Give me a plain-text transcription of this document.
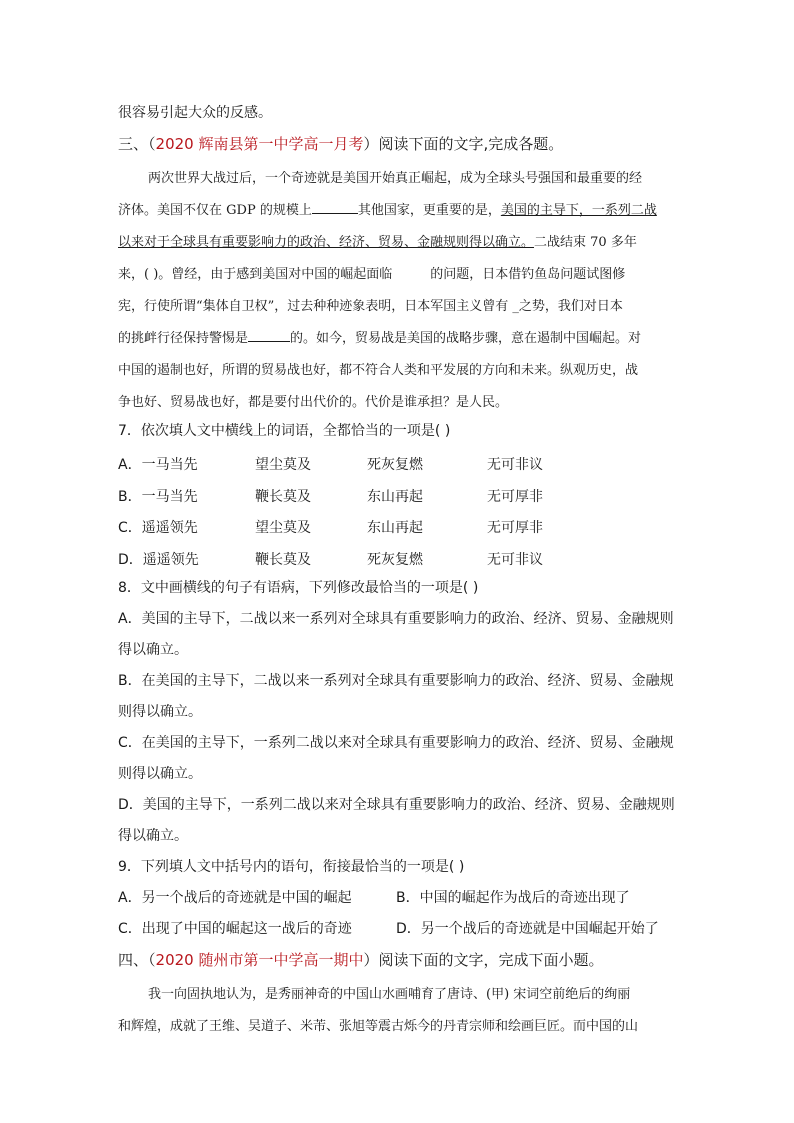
很容易引起大众的反感。
三、（2020 辉南县第一中学高一月考）阅读下面的文字,完成各题。
两次世界大战过后，一个奇迹就是美国开始真正崛起，成为全球头号强国和最重要的经
济体。美国不仅在 GDP 的规模上	其他国家，更重要的是，美国的主导下，一系列二战
以来对于全球具有重要影响力的政治、经济、贸易、金融规则得以确立。二战结束 70 多年
来，( )。曾经，由于感到美国对中国的崛起面临	的问题，日本借钓鱼岛问题试图修
宪，行使所谓“集体自卫权”，过去种种迹象表明，日本军国主义曾有 _之势，我们对日本
的挑衅行径保持警惕是	的。如今，贸易战是美国的战略步骤，意在遏制中国崛起。对
中国的遏制也好，所谓的贸易战也好，都不符合人类和平发展的方向和未来。纵观历史，战
争也好、贸易战也好，都是要付出代价的。代价是谁承担？是人民。
7．依次填人文中横线上的词语，全都恰当的一项是( )
A．一马当先	望尘莫及	死灰复燃	无可非议
B．一马当先	鞭长莫及	东山再起	无可厚非
C．遥遥领先	望尘莫及	东山再起	无可厚非
D．遥遥领先	鞭长莫及	死灰复燃	无可非议
8．文中画横线的句子有语病，下列修改最恰当的一项是( )
A．美国的主导下，二战以来一系列对全球具有重要影响力的政治、经济、贸易、金融规则
得以确立。
B．在美国的主导下，二战以来一系列对全球具有重要影响力的政治、经济、贸易、金融规
则得以确立。
C．在美国的主导下，一系列二战以来对全球具有重要影响力的政治、经济、贸易、金融规
则得以确立。
D．美国的主导下，一系列二战以来对全球具有重要影响力的政治、经济、贸易、金融规则
得以确立。
9．下列填人文中括号内的语句，衔接最恰当的一项是( )
A．另一个战后的奇迹就是中国的崛起	B．中国的崛起作为战后的奇迹出现了
C．出现了中国的崛起这一战后的奇迹	D．另一个战后的奇迹就是中国崛起开始了
四、（2020 随州市第一中学高一期中）阅读下面的文字，完成下面小题。
我一向固执地认为，是秀丽神奇的中国山水画哺育了唐诗、(甲) 宋词空前绝后的绚丽
和辉煌，成就了王维、吴道子、米芾、张旭等震古烁今的丹青宗师和绘画巨匠。而中国的山
